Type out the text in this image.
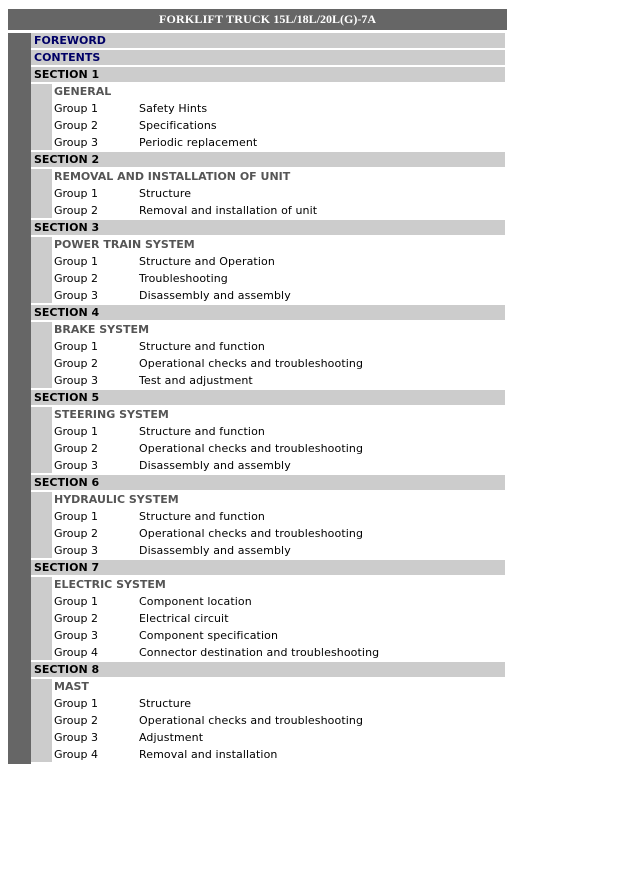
FORKLIFT TRUCK 15L/18L/20L(G)-7A
FOREWORD
CONTENTS
SECTION 1
GENERAL
Group 1	Safety Hints
Group 2	Specifications
Group 3	Periodic replacement
SECTION 2
REMOVAL AND INSTALLATION OF UNIT
Group 1	Structure
Group 2	Removal and installation of unit
SECTION 3
POWER TRAIN SYSTEM
Group 1	Structure and Operation
Group 2	Troubleshooting
Group 3	Disassembly and assembly
SECTION 4
BRAKE SYSTEM
Group 1	Structure and function
Group 2	Operational checks and troubleshooting
Group 3	Test and adjustment
SECTION 5
STEERING SYSTEM
Group 1	Structure and function
Group 2	Operational checks and troubleshooting
Group 3	Disassembly and assembly
SECTION 6
HYDRAULIC SYSTEM
Group 1	Structure and function
Group 2	Operational checks and troubleshooting
Group 3	Disassembly and assembly
SECTION 7
ELECTRIC SYSTEM
Group 1	Component location
Group 2	Electrical circuit
Group 3	Component specification
Group 4	Connector destination and troubleshooting
SECTION 8
MAST
Group 1	Structure
Group 2	Operational checks and troubleshooting
Group 3	Adjustment
Group 4	Removal and installation
